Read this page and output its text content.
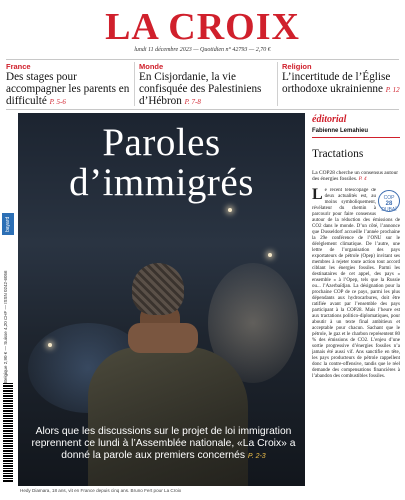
LA CROIX
lundi 11 décembre 2023 — Quotidien n° 42793 — 2,70 €
France
Des stages pour accompagner les parents en difficulté P. 5-6
Monde
En Cisjordanie, la vie confisquée des Palestiniens d’Hébron P. 7-8
Religion
L’incertitude de l’Église orthodoxe ukrainienne P. 12
bayard
Belgique 2,90 € — Suisse 4,20 CHF — ISSN 0242-6056
Paroles d’immigrés
Alors que les discussions sur le projet de loi immigration reprennent ce lundi à l’Assemblée nationale, «La Croix» a donné la parole aux premiers concernés P. 2-3
Hedy Diamara, 18 ans, vit en France depuis cinq ans. Bruno Fert pour La Croix
éditorial
Fabienne Lemahieu
Tractations
La COP28 cherche un consensus autour des énergies fossiles. P. 4
COP
28
DUBAÏ
L e récent télescopage de deux actualités est, au moins symboliquement, révélateur du chemin à parcourir pour faire consensus autour de la réduction des émissions de CO2 dans le monde. D’un côté, l’annonce que Dusseldorf accueille l’année prochaine la 29e conférence de l’ONU sur le dérèglement climatique. De l’autre, une lettre de l’organisation des pays exportateurs de pétrole (Opep) invitant ses membres à rejeter toute action tout accord ciblant les énergies fossiles. Parmi les destinataires de cet appel, des pays « ensemble » à l’Opep, tels que la Russie ou... l’Azerbaïdjan. La désignation pour la prochaine COP de ce pays, parmi les plus dépendants aux hydrocarbures, doit être ratifiée avant par l’ensemble des pays participant à la COP28. Mais l’heure est aux tractations politico-diplomatiques, pour aboutir à un texte final ambitieux et acceptable pour chacun. Sachant que le pétrole, le gaz et le charbon représentent 80 % des émissions de CO2. L’enjeu d’une sortie progressive d’énergies fossiles n’a jamais été aussi vif. Ans sanctifie en tête, les pays producteurs de pétrole rappellent donc la contre-offensive, tandis que le réel demande des compensations financières à l’abandon des combustibles fossiles.
